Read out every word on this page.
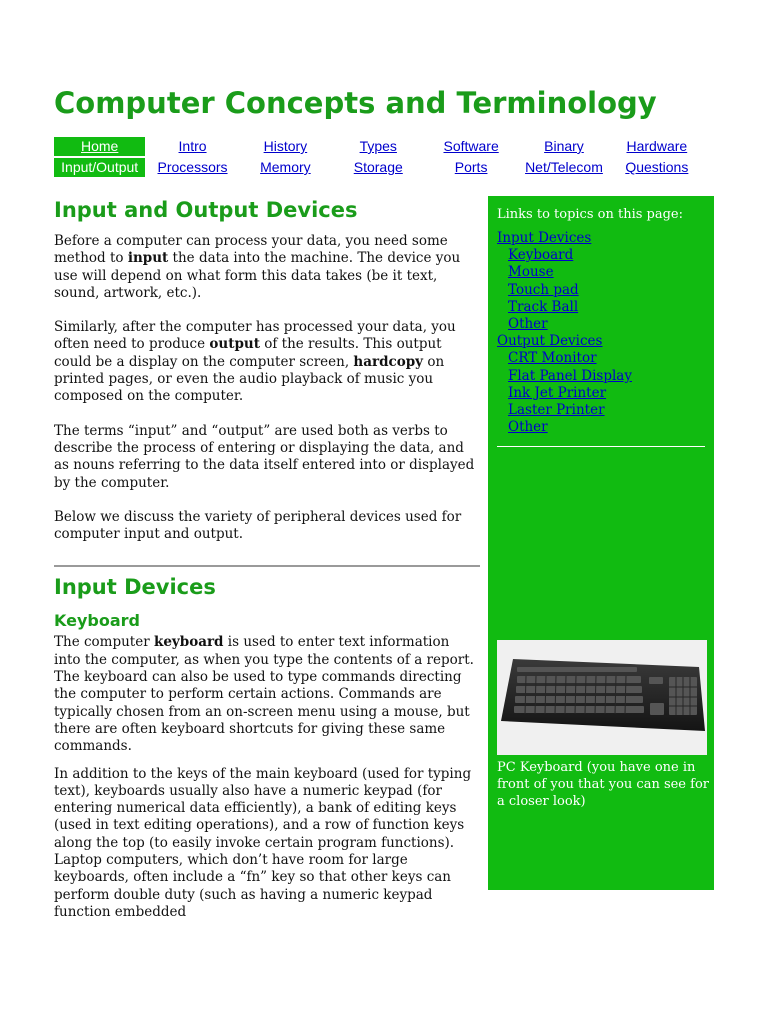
Computer Concepts and Terminology
Home	Intro	History	Types	Software	Binary	Hardware
Input/Output	Processors	Memory	Storage	Ports	Net/Telecom	Questions
Input and Output Devices

Before a computer can process your data, you need some method to input the data into the machine. The device you use will depend on what form this data takes (be it text, sound, artwork, etc.).

Similarly, after the computer has processed your data, you often need to produce output of the results. This output could be a display on the computer screen, hardcopy on printed pages, or even the audio playback of music you composed on the computer.

The terms “input” and “output” are used both as verbs to describe the process of entering or displaying the data, and as nouns referring to the data itself entered into or displayed by the computer.

Below we discuss the variety of peripheral devices used for computer input and output.

Input Devices
Keyboard

The computer keyboard is used to enter text information into the computer, as when you type the contents of a report. The keyboard can also be used to type commands directing the computer to perform certain actions. Commands are typically chosen from an on-screen menu using a mouse, but there are often keyboard shortcuts for giving these same commands.

In addition to the keys of the main keyboard (used for typing text), keyboards usually also have a numeric keypad (for entering numerical data efficiently), a bank of editing keys (used in text editing operations), and a row of function keys along the top (to easily invoke certain program functions). Laptop computers, which don’t have room for large keyboards, often include a “fn” key so that other keys can perform double duty (such as having a numeric keypad function embedded

Links to topics on this page:
Input Devices
Keyboard
Mouse
Touch pad
Track Ball
Other
Output Devices
CRT Monitor
Flat Panel Display
Ink Jet Printer
Laster Printer
Other
PC Keyboard (you have one in front of you that you can see for a closer look)
